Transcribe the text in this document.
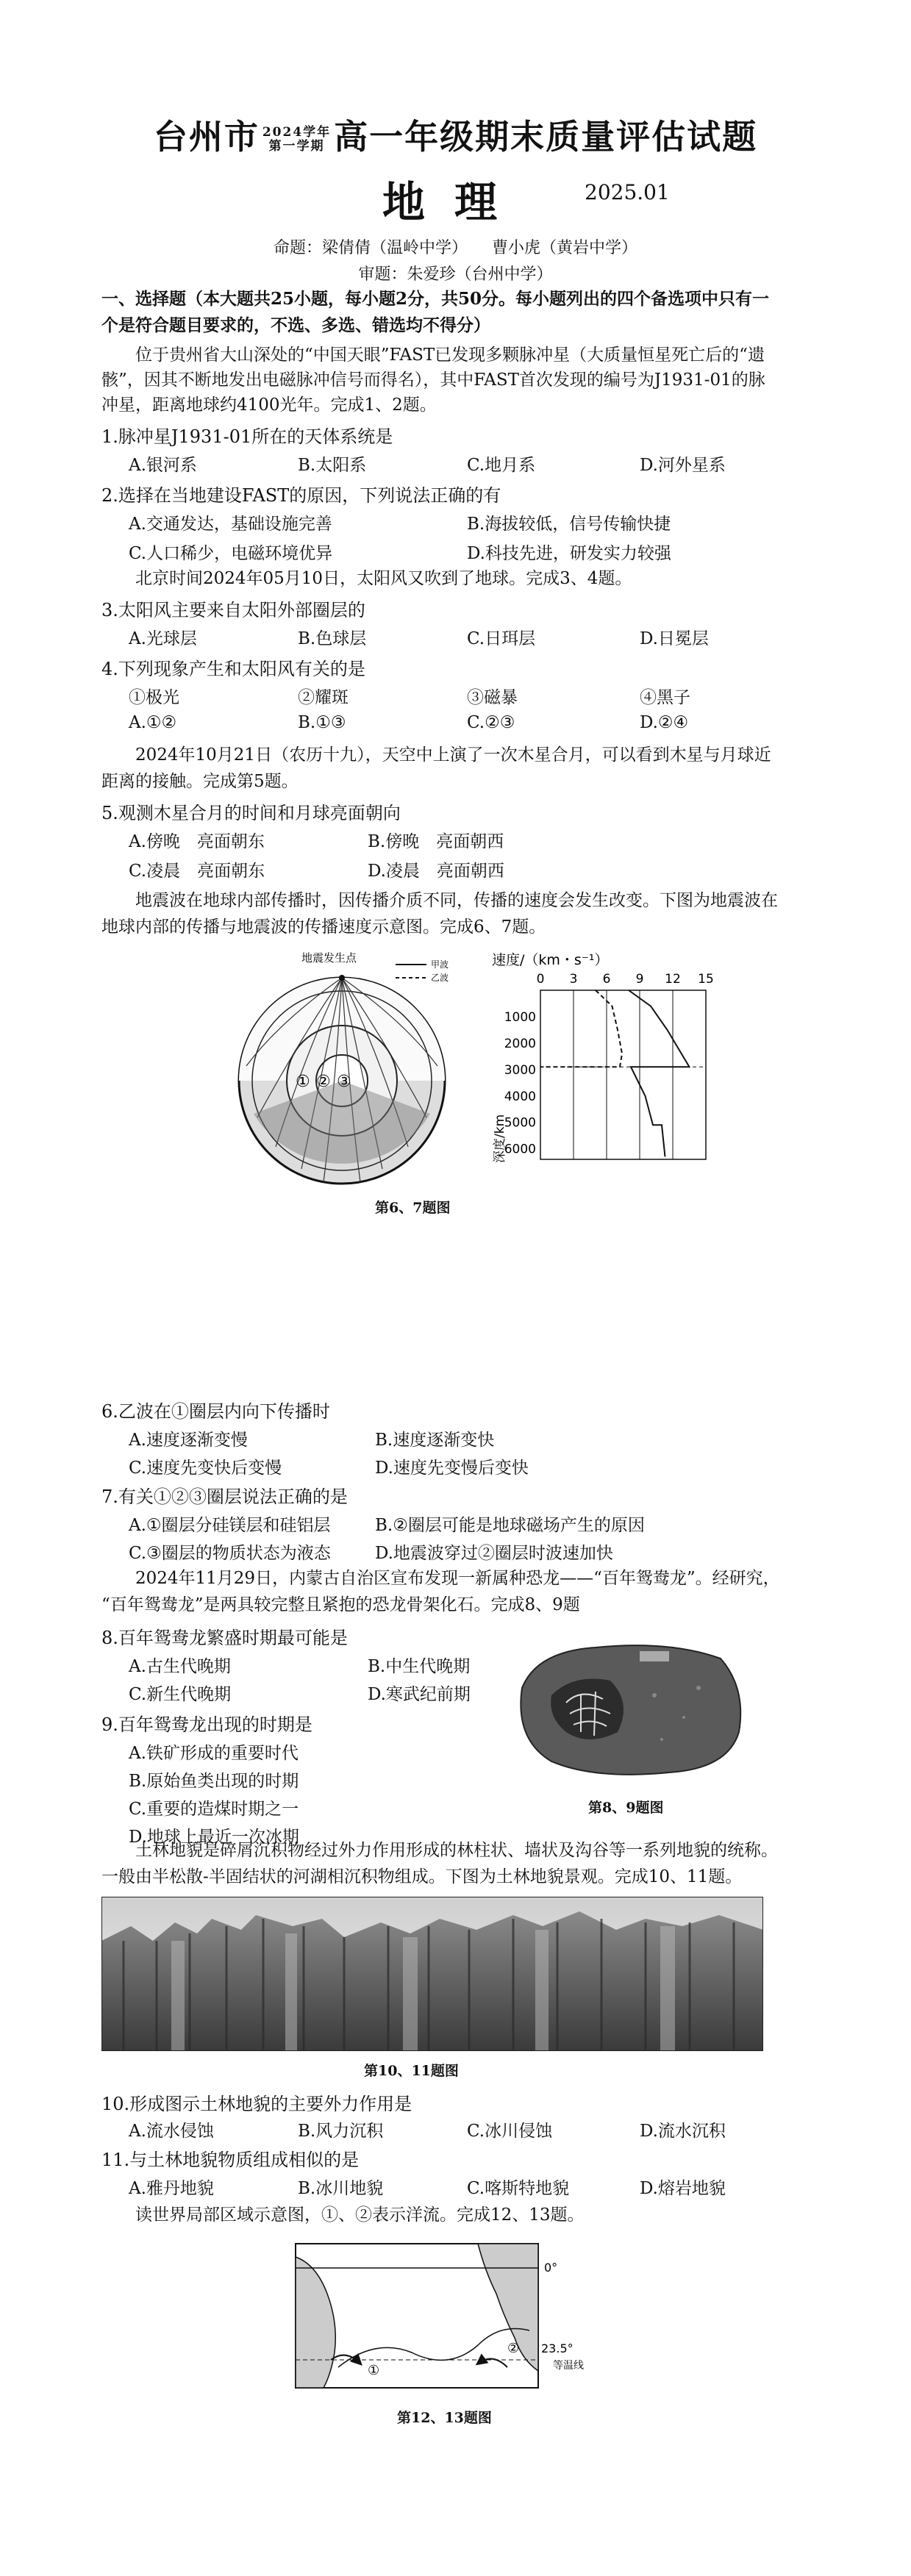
台州市 2024学年
第一学期 高一年级期末质量评估试题
地理	2025.01
命题：梁倩倩（温岭中学）　　曹小虎（黄岩中学）
审题：朱爱珍（台州中学）
一、选择题（本大题共25小题，每小题2分，共50分。每小题列出的四个备选项中只有一
个是符合题目要求的，不选、多选、错选均不得分）
位于贵州省大山深处的“中国天眼”FAST已发现多颗脉冲星（大质量恒星死亡后的“遗
骸”，因其不断地发出电磁脉冲信号而得名），其中FAST首次发现的编号为J1931-01的脉
冲星，距离地球约4100光年。完成1、2题。
1.脉冲星J1931-01所在的天体系统是
A.银河系	B.太阳系	C.地月系	D.河外星系
2.选择在当地建设FAST的原因，下列说法正确的有
A.交通发达，基础设施完善	B.海拔较低，信号传输快捷
C.人口稀少，电磁环境优异	D.科技先进，研发实力较强
北京时间2024年05月10日，太阳风又吹到了地球。完成3、4题。
3.太阳风主要来自太阳外部圈层的
A.光球层	B.色球层	C.日珥层	D.日冕层
4.下列现象产生和太阳风有关的是
①极光	②耀斑	③磁暴	④黑子
A.①②	B.①③	C.②③	D.②④
2024年10月21日（农历十九），天空中上演了一次木星合月，可以看到木星与月球近
距离的接触。完成第5题。
5.观测木星合月的时间和月球亮面朝向
A.傍晚　亮面朝东	B.傍晚　亮面朝西
C.凌晨　亮面朝东	D.凌晨　亮面朝西
地震波在地球内部传播时，因传播介质不同，传播的速度会发生改变。下图为地震波在
地球内部的传播与地震波的传播速度示意图。完成6、7题。
地震发生点	甲波
乙波
① ② ③
速度/（km・s⁻¹）
0 3 6 9 12 15
1000
2000
3000
4000
5000
6000
深度/km
第6、7题图
6.乙波在①圈层内向下传播时
A.速度逐渐变慢	B.速度逐渐变快
C.速度先变快后变慢	D.速度先变慢后变快
7.有关①②③圈层说法正确的是
A.①圈层分硅镁层和硅铝层	B.②圈层可能是地球磁场产生的原因
C.③圈层的物质状态为液态	D.地震波穿过②圈层时波速加快
2024年11月29日，内蒙古自治区宣布发现一新属种恐龙——“百年鸳鸯龙”。经研究，
“百年鸳鸯龙”是两具较完整且紧抱的恐龙骨架化石。完成8、9题
8.百年鸳鸯龙繁盛时期最可能是
A.古生代晚期	B.中生代晚期
C.新生代晚期	D.寒武纪前期
9.百年鸳鸯龙出现的时期是
A.铁矿形成的重要时代
B.原始鱼类出现的时期
C.重要的造煤时期之一
D.地球上最近一次冰期
第8、9题图
土林地貌是碎屑沉积物经过外力作用形成的林柱状、墙状及沟谷等一系列地貌的统称。
一般由半松散-半固结状的河湖相沉积物组成。下图为土林地貌景观。完成10、11题。
第10、11题图
10.形成图示土林地貌的主要外力作用是
A.流水侵蚀	B.风力沉积	C.冰川侵蚀	D.流水沉积
11.与土林地貌物质组成相似的是
A.雅丹地貌	B.冰川地貌	C.喀斯特地貌	D.熔岩地貌
读世界局部区域示意图，①、②表示洋流。完成12、13题。
0°
23.5°
等温线
①
②
第12、13题图
